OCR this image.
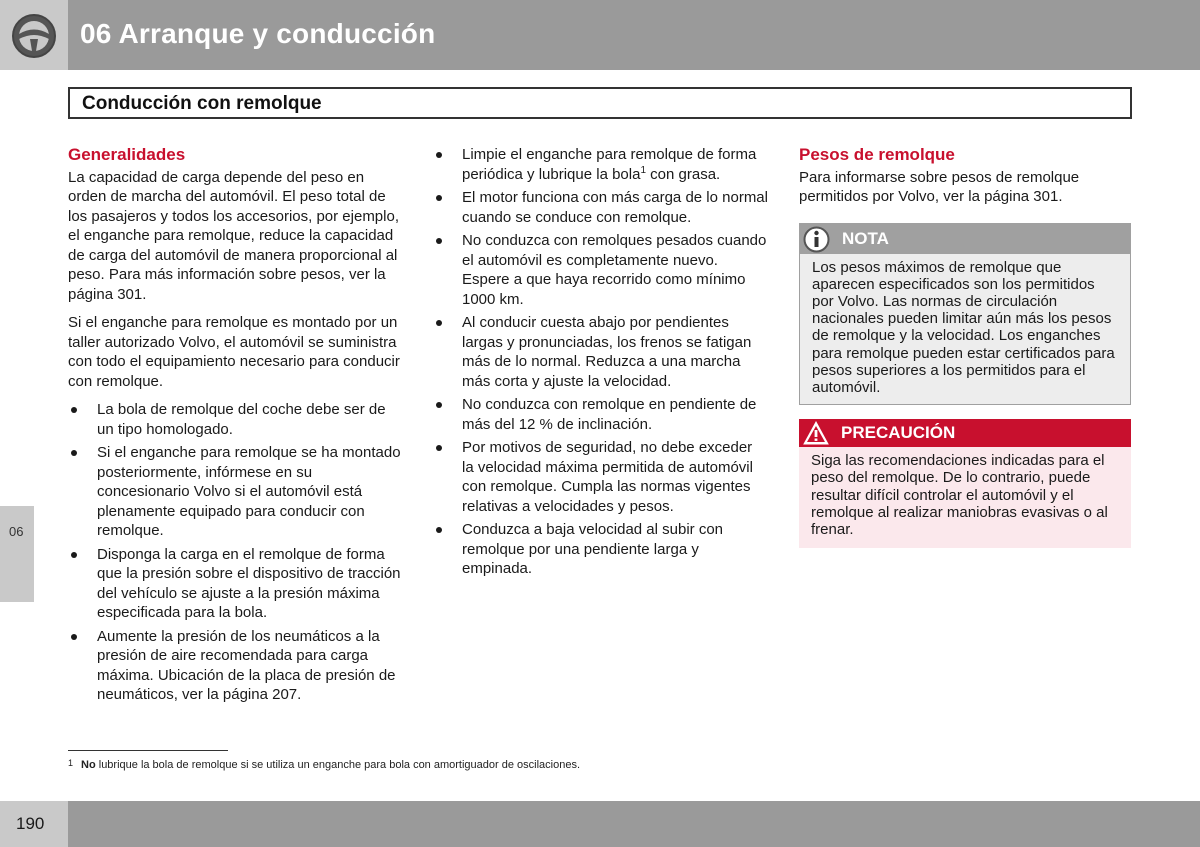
06 Arranque y conducción
Conducción con remolque
06
Generalidades

La capacidad de carga depende del peso en orden de marcha del automóvil. El peso total de los pasajeros y todos los accesorios, por ejemplo, el enganche para remolque, reduce la capacidad de carga del automóvil de manera proporcional al peso. Para más información sobre pesos, ver la página 301.

Si el enganche para remolque es montado por un taller autorizado Volvo, el automóvil se suministra con todo el equipamiento necesario para conducir con remolque.

La bola de remolque del coche debe ser de un tipo homologado.
Si el enganche para remolque se ha montado posteriormente, infórmese en su concesionario Volvo si el automóvil está plenamente equipado para conducir con remolque.
Disponga la carga en el remolque de forma que la presión sobre el dispositivo de tracción del vehículo se ajuste a la presión máxima especificada para la bola.
Aumente la presión de los neumáticos a la presión de aire recomendada para carga máxima. Ubicación de la placa de presión de neumáticos, ver la página 207.
Limpie el enganche para remolque de forma periódica y lubrique la bola$^1$ con grasa.
El motor funciona con más carga de lo normal cuando se conduce con remolque.
No conduzca con remolques pesados cuando el automóvil es completamente nuevo. Espere a que haya recorrido como mínimo 1000 km.
Al conducir cuesta abajo por pendientes largas y pronunciadas, los frenos se fatigan más de lo normal. Reduzca a una marcha más corta y ajuste la velocidad.
No conduzca con remolque en pendiente de más del 12 % de inclinación.
Por motivos de seguridad, no debe exceder la velocidad máxima permitida de automóvil con remolque. Cumpla las normas vigentes relativas a velocidades y pesos.
Conduzca a baja velocidad al subir con remolque por una pendiente larga y empinada.
Pesos de remolque

Para informarse sobre pesos de remolque permitidos por Volvo, ver la página 301.

NOTA
Los pesos máximos de remolque que aparecen especificados son los permitidos por Volvo. Las normas de circulación nacionales pueden limitar aún más los pesos de remolque y la velocidad. Los enganches para remolque pueden estar certificados para pesos superiores a los permitidos para el automóvil.
PRECAUCIÓN
Siga las recomendaciones indicadas para el peso del remolque. De lo contrario, puede resultar difícil controlar el automóvil y el remolque al realizar maniobras evasivas o al frenar.
1 No lubrique la bola de remolque si se utiliza un enganche para bola con amortiguador de oscilaciones.
190
